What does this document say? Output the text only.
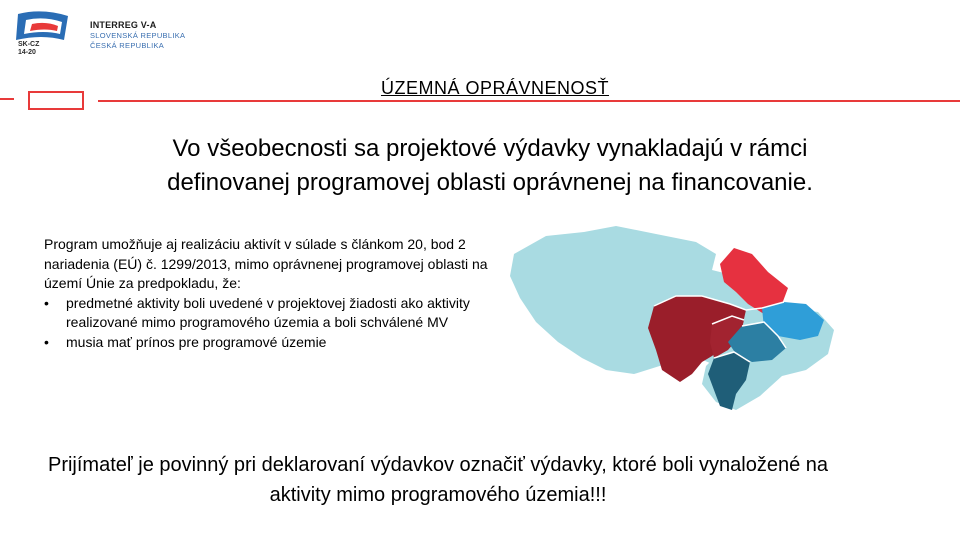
SK-CZ
14-20
INTERREG V-A
SLOVENSKÁ REPUBLIKA
ČESKÁ REPUBLIKA
ÚZEMNÁ OPRÁVNENOSŤ
Vo všeobecnosti sa projektové výdavky vynakladajú v rámci definovanej programovej oblasti oprávnenej na financovanie.
Program umožňuje aj realizáciu aktivít v súlade s článkom 20, bod 2 nariadenia (EÚ) č. 1299/2013, mimo oprávnenej programovej oblasti na území Únie za predpokladu, že:
• predmetné aktivity boli uvedené v projektovej žiadosti ako aktivity realizované mimo programového územia a boli schválené MV
• musia mať prínos pre programové územie
Prijímateľ je povinný pri deklarovaní výdavkov označiť výdavky, ktoré boli vynaložené na aktivity mimo programového územia!!!
